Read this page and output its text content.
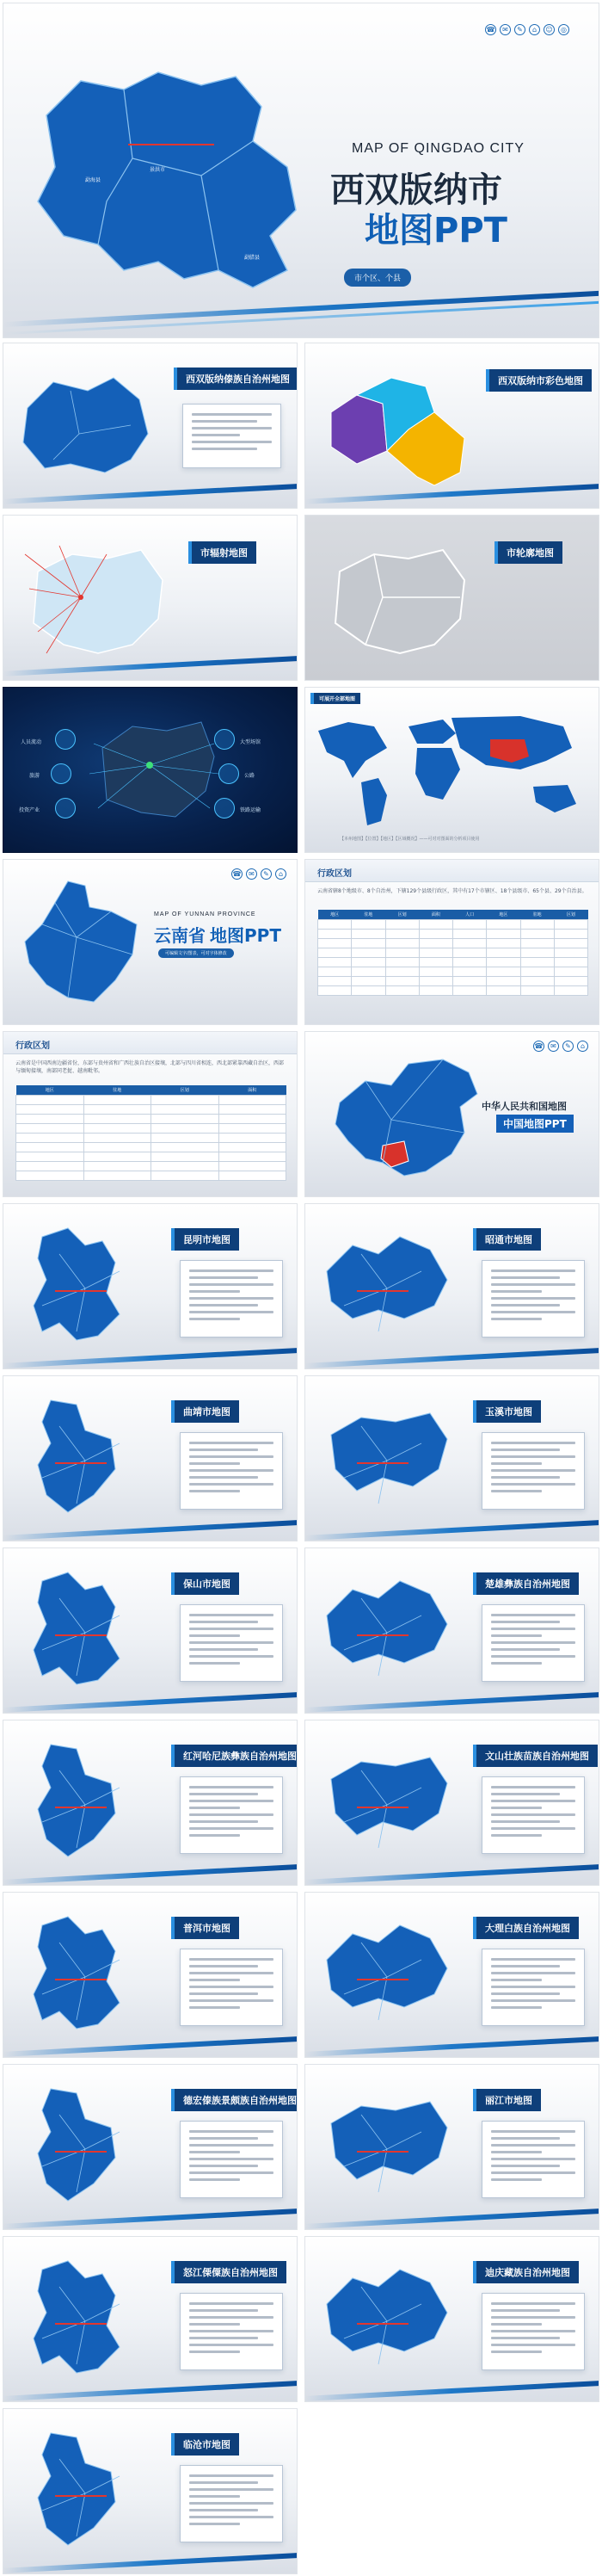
☎	✉	✎	⌂	☺	◎
勐海县
景洪市
勐腊县
MAP OF QINGDAO CITY
西双版纳市
地图PPT
市个区、个县
西双版纳傣族自治州地图	西双版纳市彩色地图
市辐射地图	市轮廓地图
人员流动
旅游
投资产业
大型场馆
公路
铁路运输
可展开全部地图
【本州地图】【位置】【地区】【区域概况】——可对对图面的分析项目使用
☎	✉	✎	⌂
MAP OF YUNNAN PROVINCE
云南省 地图PPT
可编辑文字/图表，可对字体修改
行政区划
云南省辖8个地级市、8个自治州，下辖129个县级行政区，其中有17个市辖区、18个县级市、65个县、29个自治县。
地区	驻地	区划	面积	人口	地区	驻地	区划

行政区划
云南省是中国西南边疆省份，东部与贵州省和广西壮族自治区接壤，北部与四川省相连，西北部紧靠西藏自治区，西部与缅甸接壤，南部同老挝、越南毗邻。
地区	驻地	区划	面积

☎	✉	✎	⌂
中华人民共和国地图
中国地图PPT
昆明市地图	昭通市地图
曲靖市地图	玉溪市地图
保山市地图	楚雄彝族自治州地图
红河哈尼族彝族自治州地图	文山壮族苗族自治州地图
普洱市地图	大理白族自治州地图
德宏傣族景颇族自治州地图	丽江市地图
怒江傈僳族自治州地图	迪庆藏族自治州地图
临沧市地图
